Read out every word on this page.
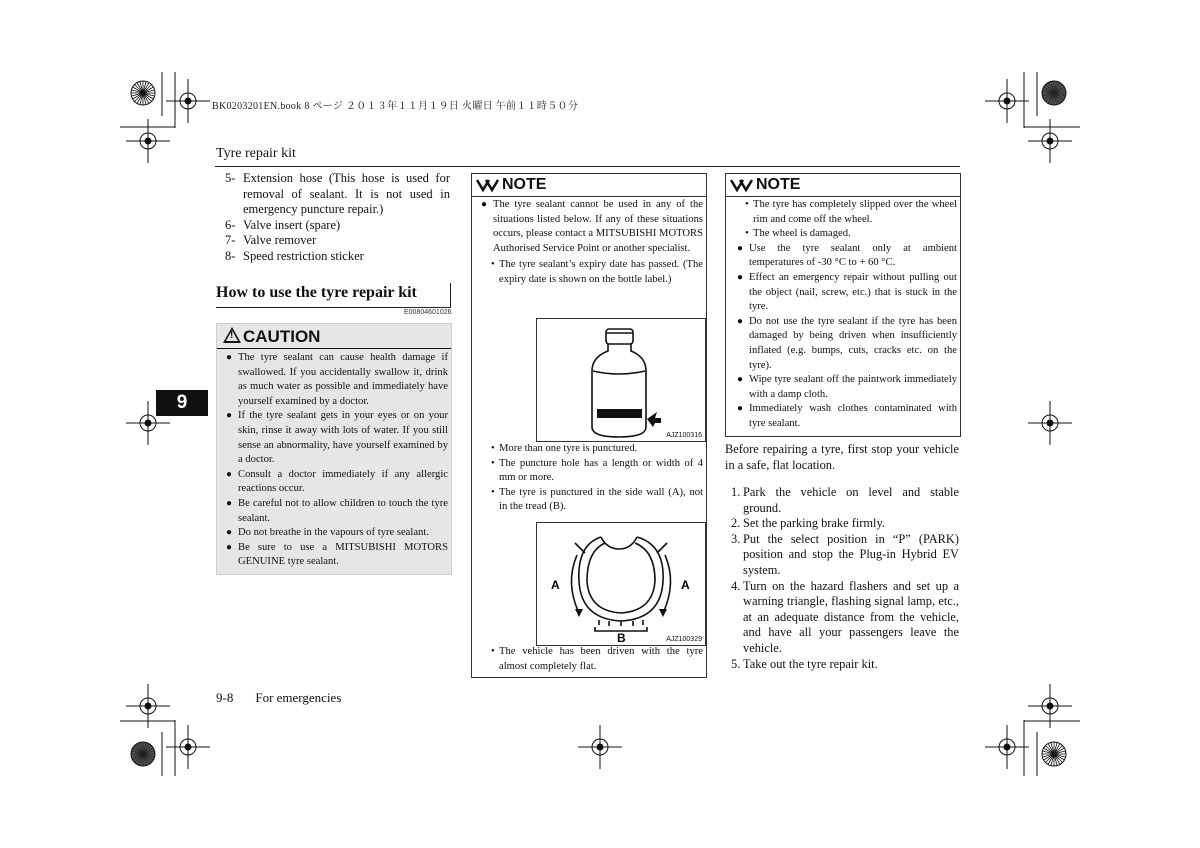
BK0203201EN.book 8 ページ ２０１３年１１月１９日 火曜日 午前１１時５０分
Tyre repair kit
5- Extension hose (This hose is used for removal of sealant. It is not used in emergency puncture repair.)
6- Valve insert (spare)
7- Valve remover
8- Speed restriction sticker
How to use the tyre repair kit
E00804601026
! CAUTION
● The tyre sealant can cause health damage if swallowed. If you accidentally swallow it, drink as much water as possible and immediately have yourself examined by a doctor.
● If the tyre sealant gets in your eyes or on your skin, rinse it away with lots of water. If you still sense an abnormality, have yourself examined by a doctor.
● Consult a doctor immediately if any allergic reactions occur.
● Be careful not to allow children to touch the tyre sealant.
● Do not breathe in the vapours of tyre sealant.
● Be sure to use a MITSUBISHI MOTORS GENUINE tyre sealant.
9
NOTE
● The tyre sealant cannot be used in any of the situations listed below. If any of these situations occurs, please contact a MITSUBISHI MOTORS Authorised Service Point or another specialist.
• The tyre sealant’s expiry date has passed. (The expiry date is shown on the bottle label.)
AJZ100316
• More than one tyre is punctured.
• The puncture hole has a length or width of 4 mm or more.
• The tyre is punctured in the side wall (A), not in the tread (B).
A	A
B	AJZ100329
• The vehicle has been driven with the tyre almost completely flat.
NOTE
• The tyre has completely slipped over the wheel rim and come off the wheel.
• The wheel is damaged.
● Use the tyre sealant only at ambient temperatures of -30 °C to + 60 °C.
● Effect an emergency repair without pulling out the object (nail, screw, etc.) that is stuck in the tyre.
● Do not use the tyre sealant if the tyre has been damaged by being driven when insufficiently inflated (e.g. bumps, cuts, cracks etc. on the tyre).
● Wipe tyre sealant off the paintwork immediately with a damp cloth.
● Immediately wash clothes contaminated with tyre sealant.
Before repairing a tyre, first stop your vehicle in a safe, flat location.
1. Park the vehicle on level and stable ground.
2. Set the parking brake firmly.
3. Put the select position in “P” (PARK) position and stop the Plug-in Hybrid EV system.
4. Turn on the hazard flashers and set up a warning triangle, flashing signal lamp, etc., at an adequate distance from the vehicle, and have all your passengers leave the vehicle.
5. Take out the tyre repair kit.
9-8 For emergencies
